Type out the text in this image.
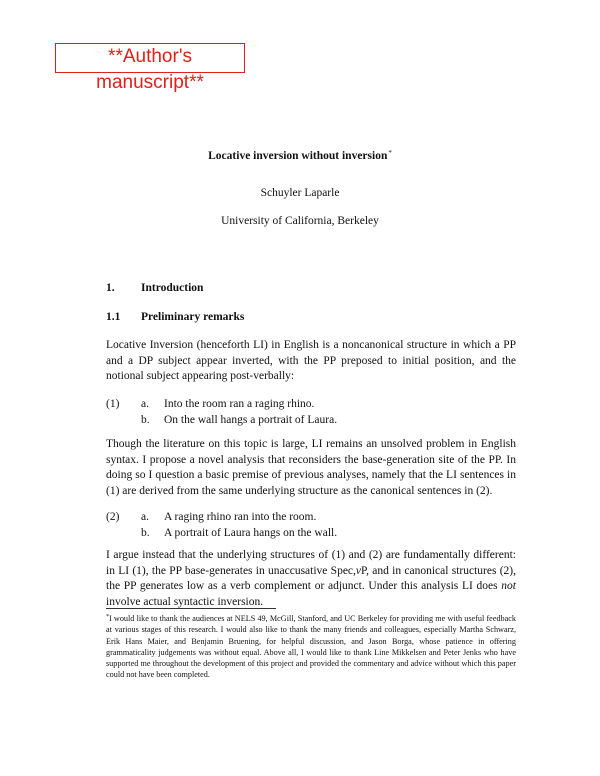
**Author's manuscript**
Locative inversion without inversion*
Schuyler Laparle
University of California, Berkeley
1. Introduction
1.1 Preliminary remarks

Locative Inversion (henceforth LI) in English is a noncanonical structure in which a PP and a DP subject appear inverted, with the PP preposed to initial position, and the notional subject appearing post-verbally:

(1) a. Into the room ran a raging rhino.
b. On the wall hangs a portrait of Laura.

Though the literature on this topic is large, LI remains an unsolved problem in English syntax. I propose a novel analysis that reconsiders the base-generation site of the PP. In doing so I question a basic premise of previous analyses, namely that the LI sentences in (1) are derived from the same underlying structure as the canonical sentences in (2).

(2) a. A raging rhino ran into the room.
b. A portrait of Laura hangs on the wall.

I argue instead that the underlying structures of (1) and (2) are fundamentally different: in LI (1), the PP base-generates in unaccusative Spec,vP, and in canonical structures (2), the PP generates low as a verb complement or adjunct. Under this analysis LI does not involve actual syntactic inversion.

*I would like to thank the audiences at NELS 49, McGill, Stanford, and UC Berkeley for providing me with useful feedback at various stages of this research. I would also like to thank the many friends and colleagues, especially Martha Schwarz, Erik Hans Maier, and Benjamin Bruening, for helpful discussion, and Jason Borga, whose patience in offering grammaticality judgements was without equal. Above all, I would like to thank Line Mikkelsen and Peter Jenks who have supported me throughout the development of this project and provided the commentary and advice without which this paper could not have been completed.
